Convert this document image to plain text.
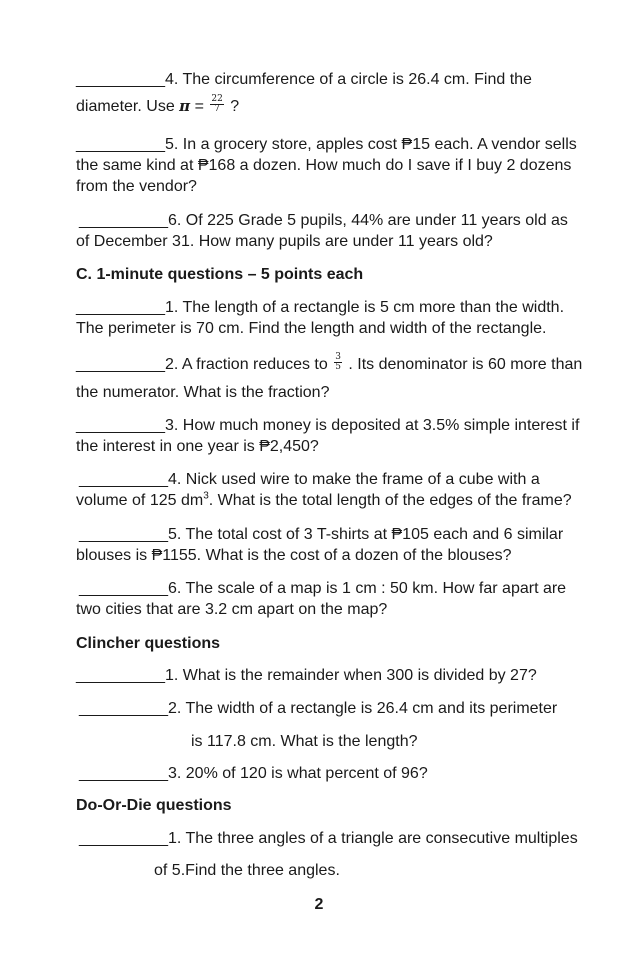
__________4. The circumference of a circle is 26.4 cm. Find the

diameter. Use $\pi = \frac{22}{7}$ ?

__________5. In a grocery store, apples cost ₱15 each. A vendor sells

the same kind at ₱168 a dozen. How much do I save if I buy 2 dozens

from the vendor?

__________6. Of 225 Grade 5 pupils, 44% are under 11 years old as

of December 31. How many pupils are under 11 years old?

C. 1-minute questions – 5 points each

__________1. The length of a rectangle is 5 cm more than the width.

The perimeter is 70 cm. Find the length and width of the rectangle.

__________2. A fraction reduces to $\frac{3}{5}$ . Its denominator is 60 more than

the numerator. What is the fraction?

__________3. How much money is deposited at 3.5% simple interest if

the interest in one year is ₱2,450?

__________4. Nick used wire to make the frame of a cube with a

volume of 125 $dm^3$. What is the total length of the edges of the frame?

__________5. The total cost of 3 T-shirts at ₱105 each and 6 similar

blouses is ₱1155. What is the cost of a dozen of the blouses?

__________6. The scale of a map is 1 cm : 50 km. How far apart are

two cities that are 3.2 cm apart on the map?

Clincher questions

__________1. What is the remainder when 300 is divided by 27?

__________2. The width of a rectangle is 26.4 cm and its perimeter

is 117.8 cm. What is the length?

__________3. 20% of 120 is what percent of 96?

Do-Or-Die questions

__________1. The three angles of a triangle are consecutive multiples

of 5.Find the three angles.

2
